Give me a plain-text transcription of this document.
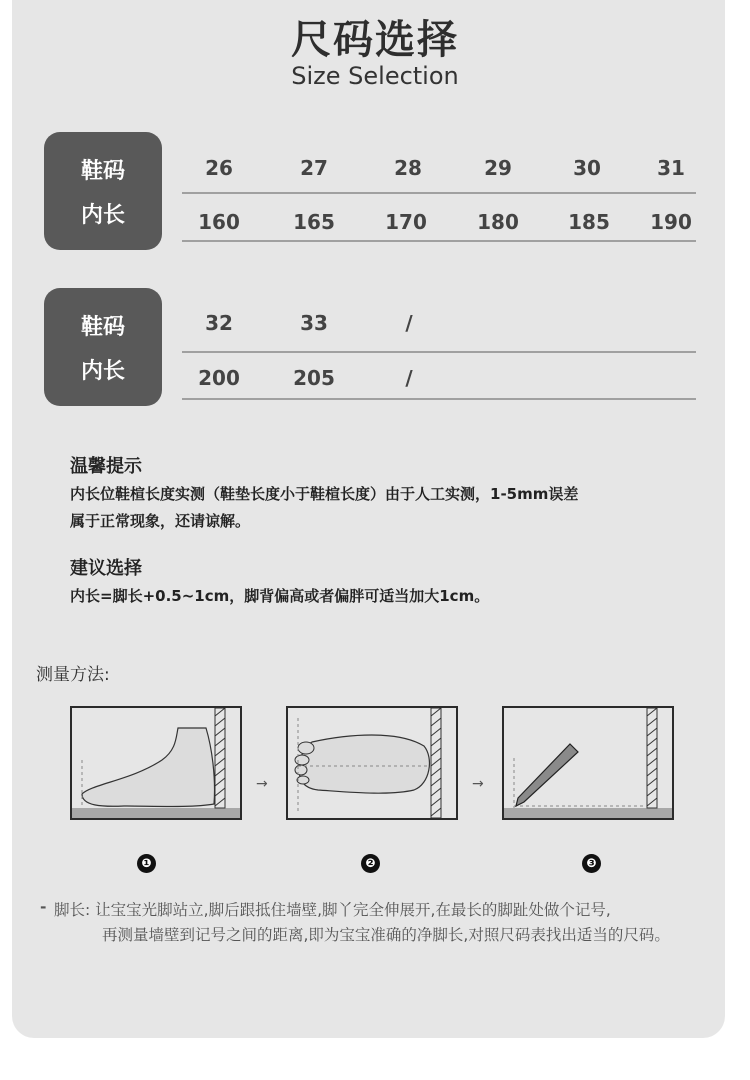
尺码选择
Size Selection
鞋码
内长
26	27	28	29	30	31
160	165	170	180	185	190
鞋码
内长
32	33	/
200	205	/
温馨提示
内长位鞋楦长度实测（鞋垫长度小于鞋楦长度）由于人工实测，1-5mm误差
属于正常现象，还请谅解。
建议选择
内长=脚长+0.5~1cm，脚背偏高或者偏胖可适当加大1cm。
测量方法:
→	→
❶	❷	❸
- 脚长: 让宝宝光脚站立,脚后跟抵住墙壁,脚丫完全伸展开,在最长的脚趾处做个记号,
再测量墙壁到记号之间的距离,即为宝宝准确的净脚长,对照尺码表找出适当的尺码。
